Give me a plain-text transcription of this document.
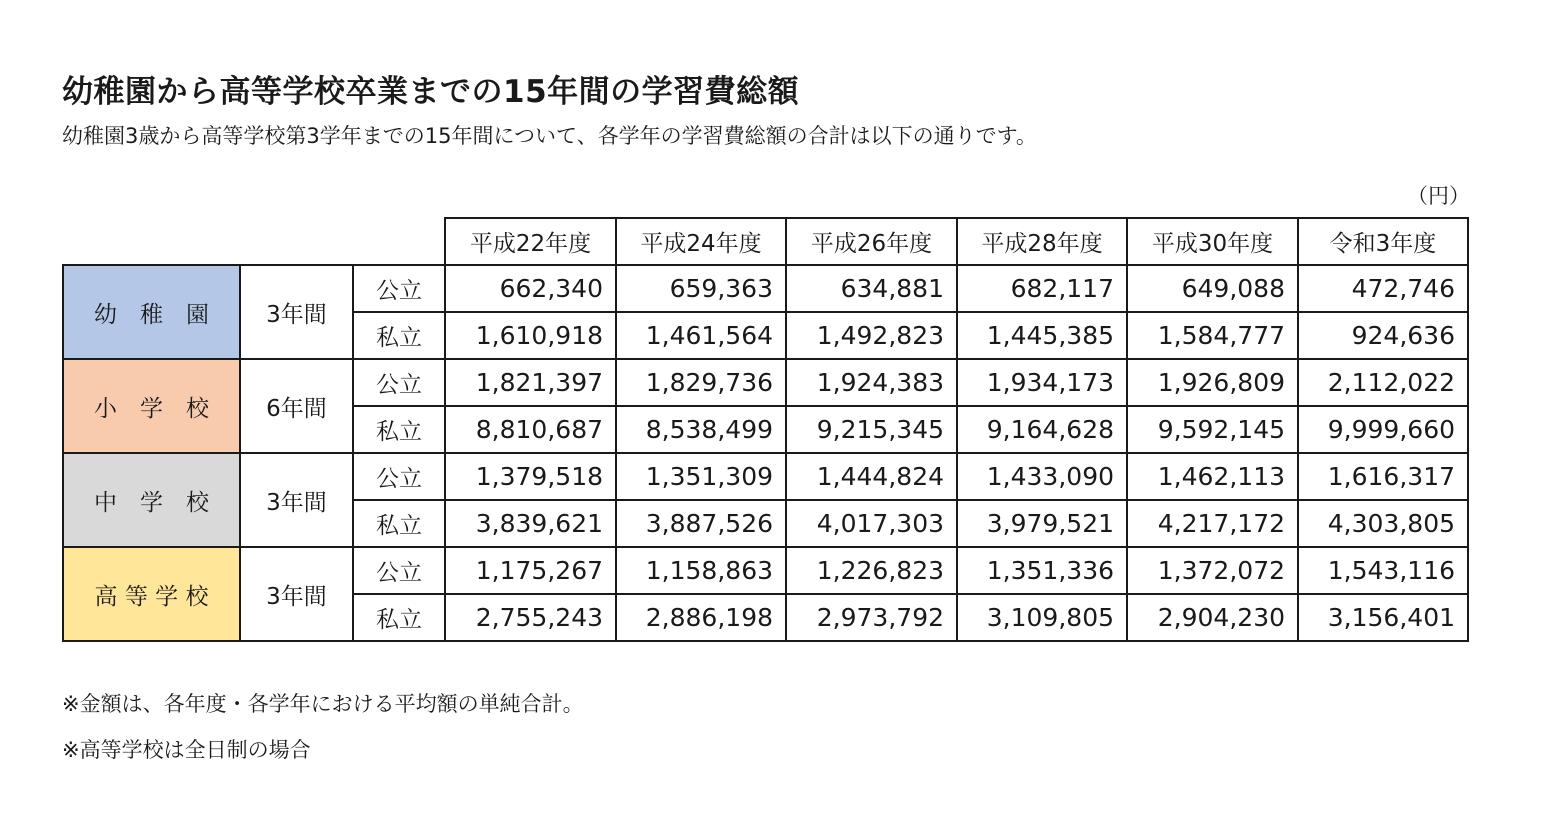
幼稚園から高等学校卒業までの15年間の学習費総額
幼稚園3歳から高等学校第3学年までの15年間について、各学年の学習費総額の合計は以下の通りです。
（円）
			平成22年度	平成24年度	平成26年度	平成28年度	平成30年度	令和3年度
幼　稚　園	3年間	公立	662,340	659,363	634,881	682,117	649,088	472,746
		私立	1,610,918	1,461,564	1,492,823	1,445,385	1,584,777	924,636
小　学　校	6年間	公立	1,821,397	1,829,736	1,924,383	1,934,173	1,926,809	2,112,022
		私立	8,810,687	8,538,499	9,215,345	9,164,628	9,592,145	9,999,660
中　学　校	3年間	公立	1,379,518	1,351,309	1,444,824	1,433,090	1,462,113	1,616,317
		私立	3,839,621	3,887,526	4,017,303	3,979,521	4,217,172	4,303,805
高 等 学 校	3年間	公立	1,175,267	1,158,863	1,226,823	1,351,336	1,372,072	1,543,116
		私立	2,755,243	2,886,198	2,973,792	3,109,805	2,904,230	3,156,401
※金額は、各年度・各学年における平均額の単純合計。
※高等学校は全日制の場合
